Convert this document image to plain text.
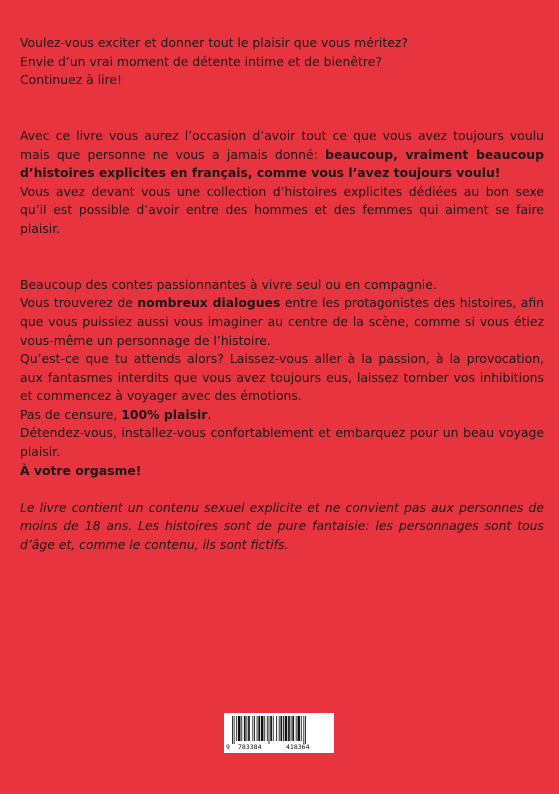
Voulez-vous exciter et donner tout le plaisir que vous méritez?

Envie d’un vrai moment de détente intime et de bienêtre?

Continuez à lire!

Avec ce livre vous aurez l’occasion d’avoir tout ce que vous avez toujours voulu mais que personne ne vous a jamais donné: beaucoup, vraiment beaucoup d’histoires explicites en français, comme vous l’avez toujours voulu!

Vous avez devant vous une collection d’histoires explicites dédiées au bon sexe qu’il est possible d’avoir entre des hommes et des femmes qui aiment se faire plaisir.

Beaucoup des contes passionnantes à vivre seul ou en compagnie.

Vous trouverez de nombreux dialogues entre les protagonistes des histoires, afin que vous puissiez aussi vous imaginer au centre de la scène, comme si vous étiez vous-même un personnage de l’histoire.

Qu’est-ce que tu attends alors? Laissez-vous aller à la passion, à la provocation, aux fantasmes interdits que vous avez toujours eus, laissez tomber vos inhibitions et commencez à voyager avec des émotions.

Pas de censure, 100% plaisir.

Détendez-vous, installez-vous confortablement et embarquez pour un beau voyage plaisir.

À votre orgasme!

Le livre contient un contenu sexuel explicite et ne convient pas aux personnes de moins de 18 ans. Les histoires sont de pure fantaisie: les personnages sont tous d’âge et, comme le contenu, ils sont fictifs.

9 783384	418364
